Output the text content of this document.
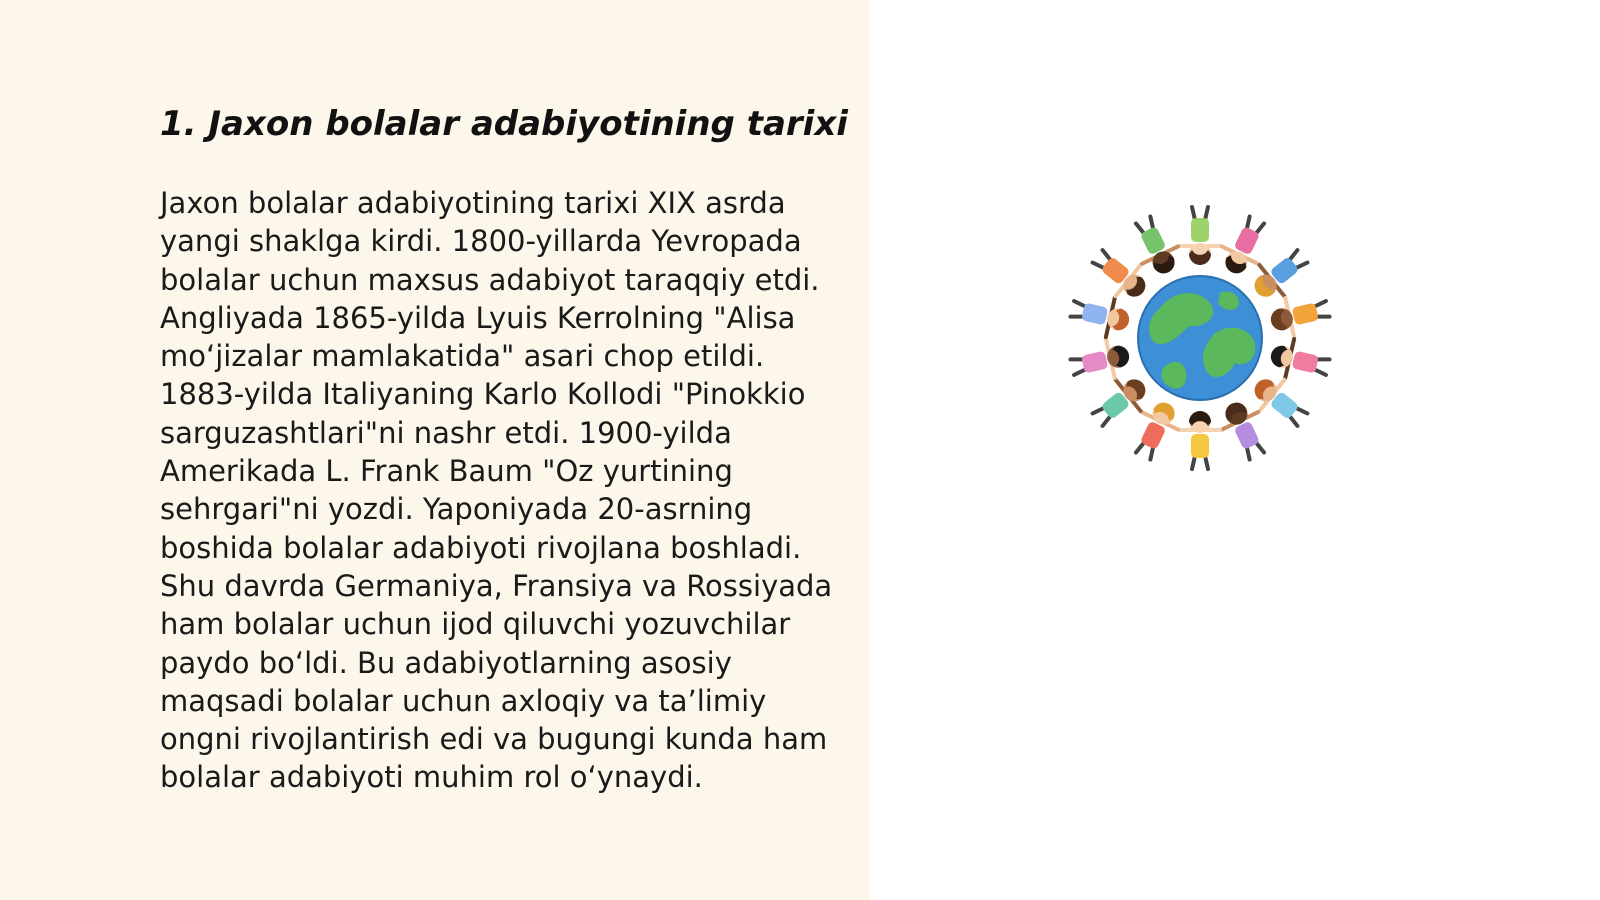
1. Jaxon bolalar adabiyotining tarixi

Jaxon bolalar adabiyotining tarixi XIX asrda yangi shaklga kirdi. 1800-yillarda Yevropada bolalar uchun maxsus adabiyot taraqqiy etdi. Angliyada 1865-yilda Lyuis Kerrolning "Alisa mo‘jizalar mamlakatida" asari chop etildi. 1883-yilda Italiyaning Karlo Kollodi "Pinokkio sarguzashtlari"ni nashr etdi. 1900-yilda Amerikada L. Frank Baum "Oz yurtining sehrgari"ni yozdi. Yaponiyada 20-asrning boshida bolalar adabiyoti rivojlana boshladi. Shu davrda Germaniya, Fransiya va Rossiyada ham bolalar uchun ijod qiluvchi yozuvchilar paydo bo‘ldi. Bu adabiyotlarning asosiy maqsadi bolalar uchun axloqiy va ta’limiy ongni rivojlantirish edi va bugungi kunda ham bolalar adabiyoti muhim rol o‘ynaydi.
